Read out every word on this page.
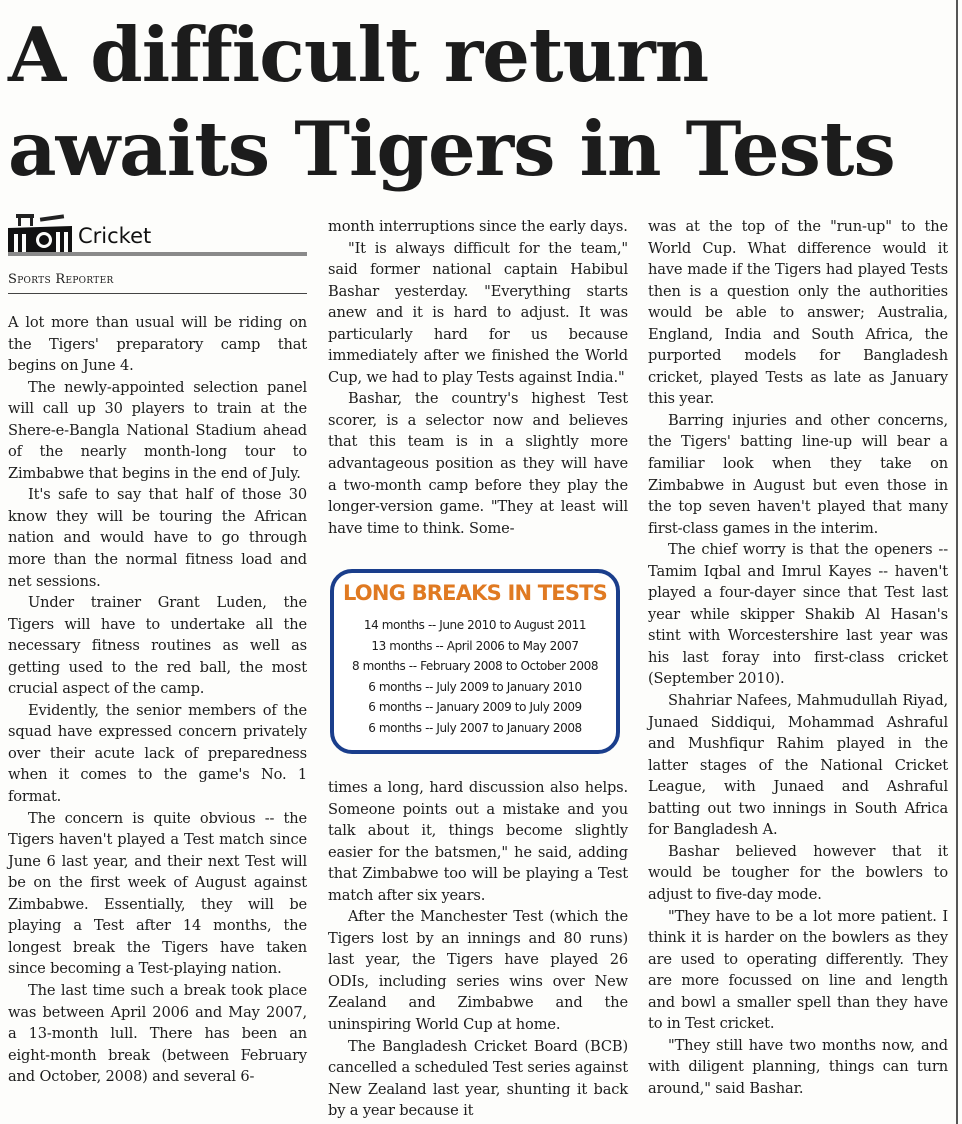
A difficult return awaits Tigers in Tests
Cricket
Sports Reporter

A lot more than usual will be riding on the Tigers' preparatory camp that begins on June 4.

The newly-appointed selection panel will call up 30 players to train at the Shere-e-Bangla National Stadium ahead of the nearly month-long tour to Zimbabwe that begins in the end of July.

It's safe to say that half of those 30 know they will be touring the African nation and would have to go through more than the normal fitness load and net sessions.

Under trainer Grant Luden, the Tigers will have to undertake all the necessary fitness routines as well as getting used to the red ball, the most crucial aspect of the camp.

Evidently, the senior members of the squad have expressed concern privately over their acute lack of preparedness when it comes to the game's No. 1 format.

The concern is quite obvious -- the Tigers haven't played a Test match since June 6 last year, and their next Test will be on the first week of August against Zimbabwe. Essentially, they will be playing a Test after 14 months, the longest break the Tigers have taken since becoming a Test-playing nation.

The last time such a break took place was between April 2006 and May 2007, a 13-month lull. There has been an eight-month break (between February and October, 2008) and several 6-

month interruptions since the early days.

"It is always difficult for the team," said former national captain Habibul Bashar yesterday. "Everything starts anew and it is hard to adjust. It was particularly hard for us because immediately after we finished the World Cup, we had to play Tests against India."

Bashar, the country's highest Test scorer, is a selector now and believes that this team is in a slightly more advantageous position as they will have a two-month camp before they play the longer-version game. "They at least will have time to think. Some-

LONG BREAKS IN TESTS
14 months -- June 2010 to August 2011
13 months -- April 2006 to May 2007
8 months -- February 2008 to October 2008
6 months -- July 2009 to January 2010
6 months -- January 2009 to July 2009
6 months -- July 2007 to January 2008

times a long, hard discussion also helps. Someone points out a mistake and you talk about it, things become slightly easier for the batsmen," he said, adding that Zimbabwe too will be playing a Test match after six years.

After the Manchester Test (which the Tigers lost by an innings and 80 runs) last year, the Tigers have played 26 ODIs, including series wins over New Zealand and Zimbabwe and the uninspiring World Cup at home.

The Bangladesh Cricket Board (BCB) cancelled a scheduled Test series against New Zealand last year, shunting it back by a year because it

was at the top of the "run-up" to the World Cup. What difference would it have made if the Tigers had played Tests then is a question only the authorities would be able to answer; Australia, England, India and South Africa, the purported models for Bangladesh cricket, played Tests as late as January this year.

Barring injuries and other concerns, the Tigers' batting line-up will bear a familiar look when they take on Zimbabwe in August but even those in the top seven haven't played that many first-class games in the interim.

The chief worry is that the openers -- Tamim Iqbal and Imrul Kayes -- haven't played a four-dayer since that Test last year while skipper Shakib Al Hasan's stint with Worcestershire last year was his last foray into first-class cricket (September 2010).

Shahriar Nafees, Mahmudullah Riyad, Junaed Siddiqui, Mohammad Ashraful and Mushfiqur Rahim played in the latter stages of the National Cricket League, with Junaed and Ashraful batting out two innings in South Africa for Bangladesh A.

Bashar believed however that it would be tougher for the bowlers to adjust to five-day mode.

"They have to be a lot more patient. I think it is harder on the bowlers as they are used to operating differently. They are more focussed on line and length and bowl a smaller spell than they have to in Test cricket.

"They still have two months now, and with diligent planning, things can turn around," said Bashar.
